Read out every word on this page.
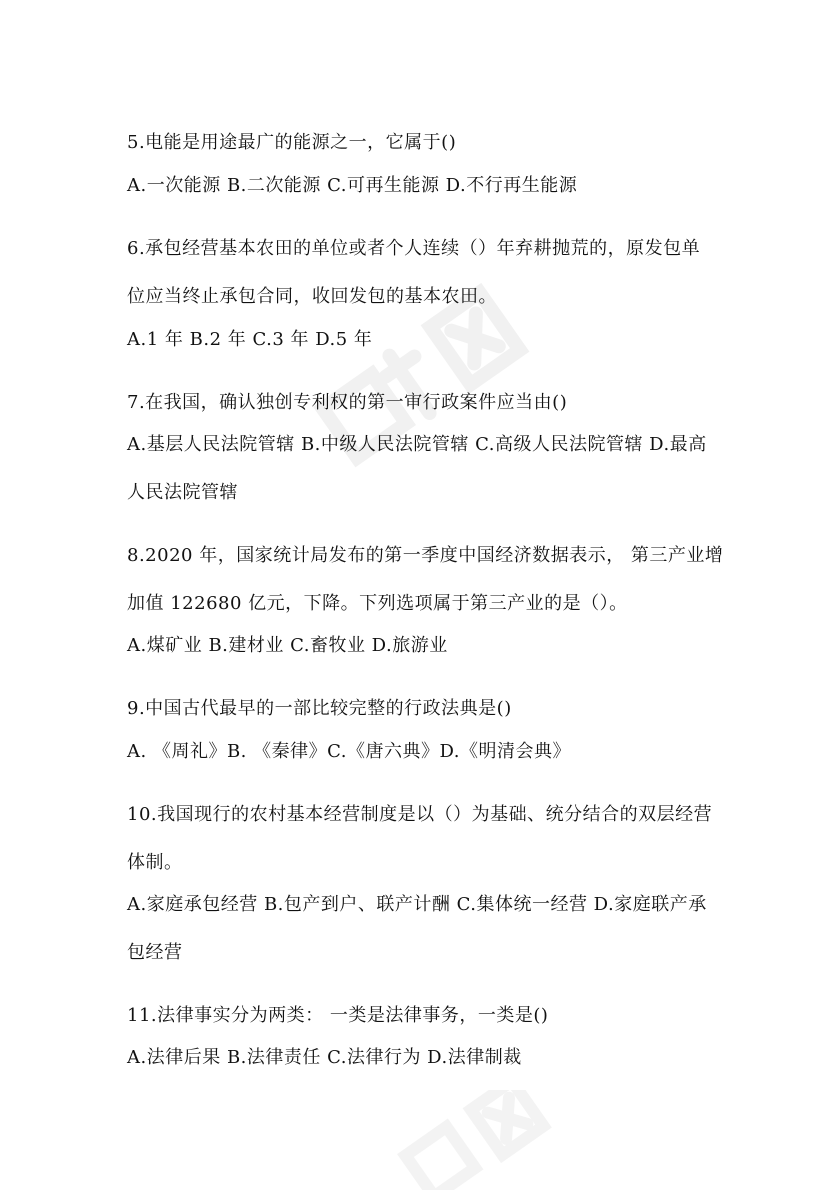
5.电能是用途最广的能源之一，它属于()
A.一次能源 B.二次能源 C.可再生能源 D.不行再生能源
6.承包经营基本农田的单位或者个人连续（）年弃耕抛荒的，原发包单
位应当终止承包合同，收回发包的基本农田。
A.1 年 B.2 年 C.3 年 D.5 年
7.在我国，确认独创专利权的第一审行政案件应当由()
A.基层人民法院管辖 B.中级人民法院管辖 C.高级人民法院管辖 D.最高
人民法院管辖
8.2020 年，国家统计局发布的第一季度中国经济数据表示， 第三产业增
加值 122680 亿元，下降。下列选项属于第三产业的是（）。
A.煤矿业 B.建材业 C.畜牧业 D.旅游业
9.中国古代最早的一部比较完整的行政法典是()
A. 《周礼》B. 《秦律》C.《唐六典》D.《明清会典》
10.我国现行的农村基本经营制度是以（）为基础、统分结合的双层经营
体制。
A.家庭承包经营 B.包产到户、联产计酬 C.集体统一经营 D.家庭联产承
包经营
11.法律事实分为两类： 一类是法律事务，一类是()
A.法律后果 B.法律责任 C.法律行为 D.法律制裁
